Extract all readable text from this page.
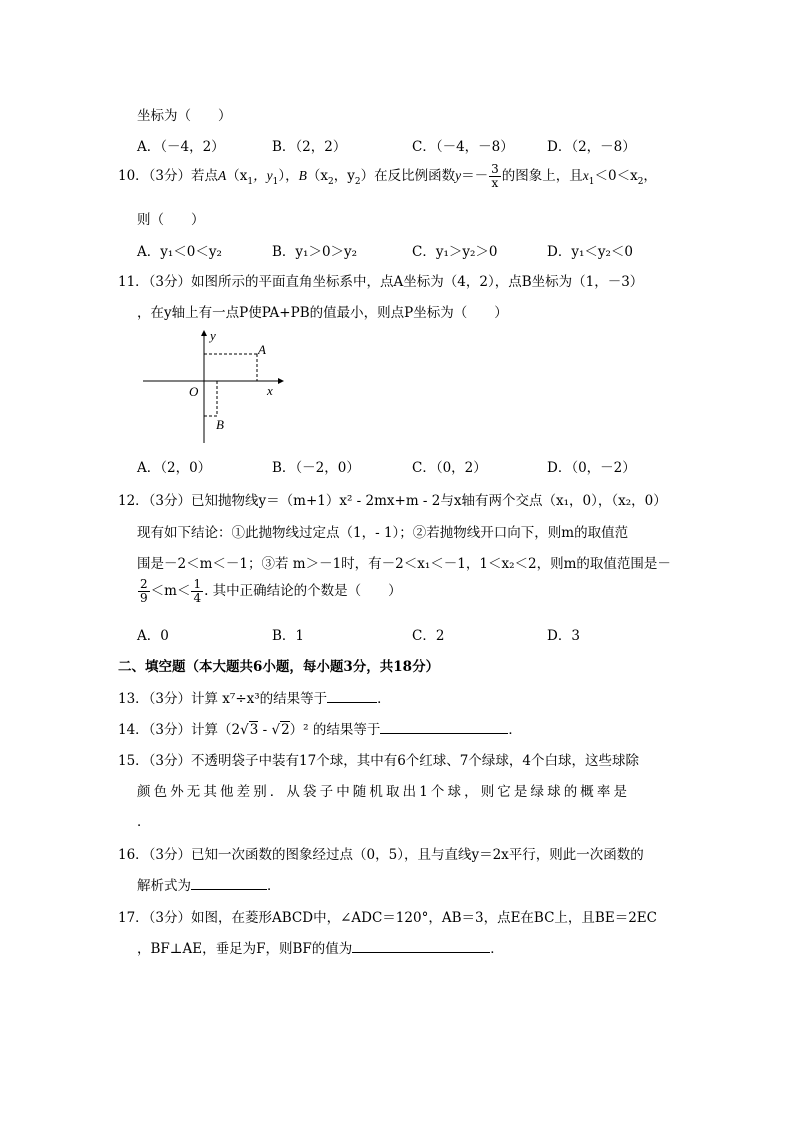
坐标为（　　）
A．（－4，2）	B．（2，2）	C．（－4，－8） D．（2，－8）
10．（3分）若点$A(x_1$，$y_1$），$B(x_2$，$y_2$）在反比例函数$y=- \frac{3}{x}$ 的图象上，且$x_1<0<x_2$，
则（　　）
A．y₁＜0＜y₂	B．y₁＞0＞y₂	C．y₁＞y₂＞0	D．y₁＜y₂＜0
11．（3分）如图所示的平面直角坐标系中，点A坐标为（4，2），点B坐标为（1，－3）
，在y轴上有一点P使PA+PB的值最小，则点P坐标为（　　）
y
x
O
A
B
A．（2，0）	B．（－2，0）	C．（0，2）	D．（0，－2）
12．（3分）已知抛物线y＝（m+1）x² - 2mx+m - 2与x轴有两个交点（x₁，0），（x₂，0）
现有如下结论：①此抛物线过定点（1，- 1）；②若抛物线开口向下，则m的取值范
围是－2＜m＜－1；③若 m＞－1时，有－2＜x₁＜－1，1＜x₂＜2，则m的取值范围是－
$\frac{2}{9} <m< \frac{1}{4}$ . 其中正确结论的个数是（　　）
A．0	B．1	C．2	D．3
二、填空题（本大题共6小题，每小题3分，共18分）
13．（3分）计算 x⁷÷x³的结果等于	．
14．（3分）计算（2√3 - √2）² 的结果等于	．
15．（3分）不透明袋子中装有17个球，其中有6个红球、7个绿球，4个白球，这些球除
颜色外无其他差别．从袋子中随机取出1个球，则它是绿球的概率是
．
16．（3分）已知一次函数的图象经过点（0，5），且与直线y＝2x平行，则此一次函数的
解析式为	．
17．（3分）如图，在菱形ABCD中，∠ADC＝120°，AB＝3，点E在BC上，且BE＝2EC
，BF⊥AE，垂足为F，则BF的值为	．
